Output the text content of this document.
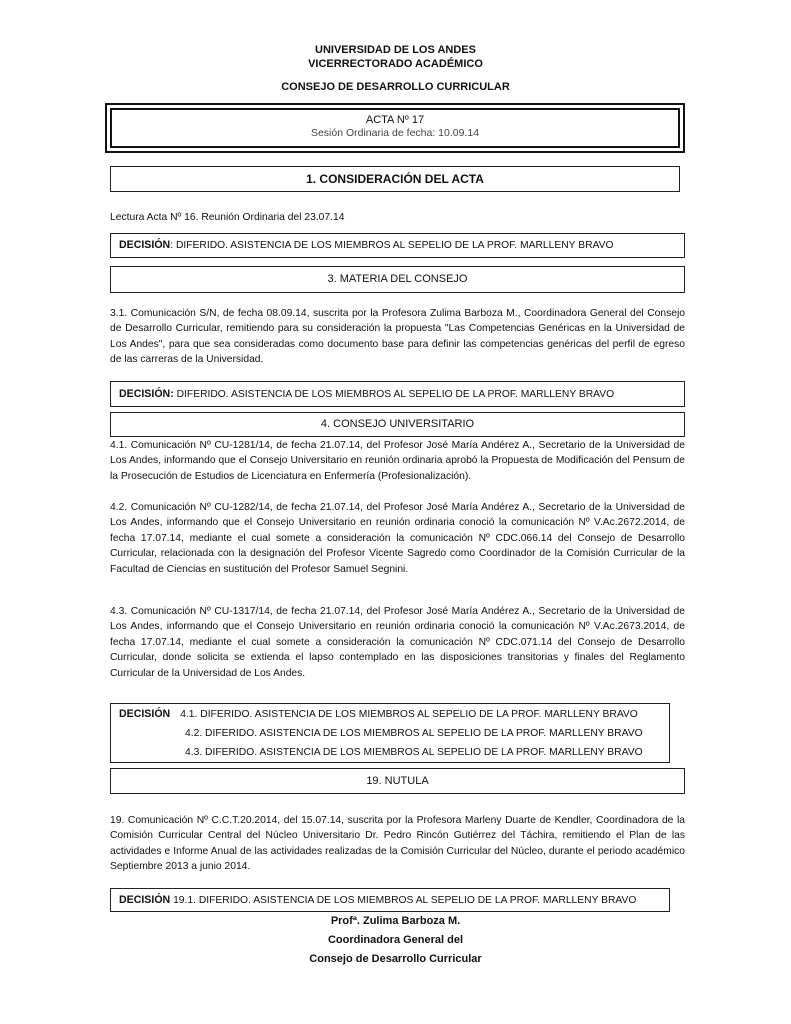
UNIVERSIDAD DE LOS ANDES
VICERRECTORADO ACADÉMICO
CONSEJO DE DESARROLLO CURRICULAR
ACTA Nº 17
Sesión Ordinaria de fecha: 10.09.14
1. CONSIDERACIÓN DEL ACTA
Lectura Acta Nº 16. Reunión Ordinaria del 23.07.14
DECISIÓN: DIFERIDO. ASISTENCIA DE LOS MIEMBROS AL SEPELIO DE LA PROF. MARLLENY BRAVO
3. MATERIA DEL CONSEJO
3.1. Comunicación S/N, de fecha 08.09.14, suscrita por la Profesora Zulima Barboza M., Coordinadora General del Consejo de Desarrollo Curricular, remitiendo para su consideración la propuesta "Las Competencias Genéricas en la Universidad de Los Andes", para que sea consideradas como documento base para definir las competencias genéricas del perfil de egreso de las carreras de la Universidad.
DECISIÓN: DIFERIDO. ASISTENCIA DE LOS MIEMBROS AL SEPELIO DE LA PROF. MARLLENY BRAVO
4. CONSEJO UNIVERSITARIO
4.1. Comunicación Nº CU-1281/14, de fecha 21.07.14, del Profesor José María Andérez A., Secretario de la Universidad de Los Andes, informando que el Consejo Universitario en reunión ordinaria aprobó la Propuesta de Modificación del Pensum de la Prosecución de Estudios de Licenciatura en Enfermería (Profesionalización).
4.2. Comunicación Nº CU-1282/14, de fecha 21.07.14, del Profesor José María Andérez A., Secretario de la Universidad de Los Andes, informando que el Consejo Universitario en reunión ordinaria conoció la comunicación Nº V.Ac.2672.2014, de fecha 17.07.14, mediante el cual somete a consideración la comunicación Nº CDC.066.14 del Consejo de Desarrollo Curricular, relacionada con la designación del Profesor Vicente Sagredo como Coordinador de la Comisión Curricular de la Facultad de Ciencias en sustitución del Profesor Samuel Segnini.
4.3. Comunicación Nº CU-1317/14, de fecha 21.07.14, del Profesor José María Andérez A., Secretario de la Universidad de Los Andes, informando que el Consejo Universitario en reunión ordinaria conoció la comunicación Nº V.Ac.2673.2014, de fecha 17.07.14, mediante el cual somete a consideración la comunicación Nº CDC.071.14 del Consejo de Desarrollo Curricular, donde solicita se extienda el lapso contemplado en las disposiciones transitorias y finales del Reglamento Curricular de la Universidad de Los Andes.
DECISIÓN 4.1. DIFERIDO. ASISTENCIA DE LOS MIEMBROS AL SEPELIO DE LA PROF. MARLLENY BRAVO
4.2. DIFERIDO. ASISTENCIA DE LOS MIEMBROS AL SEPELIO DE LA PROF. MARLLENY BRAVO
4.3. DIFERIDO. ASISTENCIA DE LOS MIEMBROS AL SEPELIO DE LA PROF. MARLLENY BRAVO
19. NUTULA
19. Comunicación Nº C.C.T.20.2014, del 15.07.14, suscrita por la Profesora Marleny Duarte de Kendler, Coordinadora de la Comisión Curricular Central del Núcleo Universitario Dr. Pedro Rincón Gutiérrez del Táchira, remitiendo el Plan de las actividades e Informe Anual de las actividades realizadas de la Comisión Curricular del Núcleo, durante el periodo académico Septiembre 2013 a junio 2014.
DECISIÓN 19.1. DIFERIDO. ASISTENCIA DE LOS MIEMBROS AL SEPELIO DE LA PROF. MARLLENY BRAVO
Profª. Zulima Barboza M.
Coordinadora General del
Consejo de Desarrollo Curricular
